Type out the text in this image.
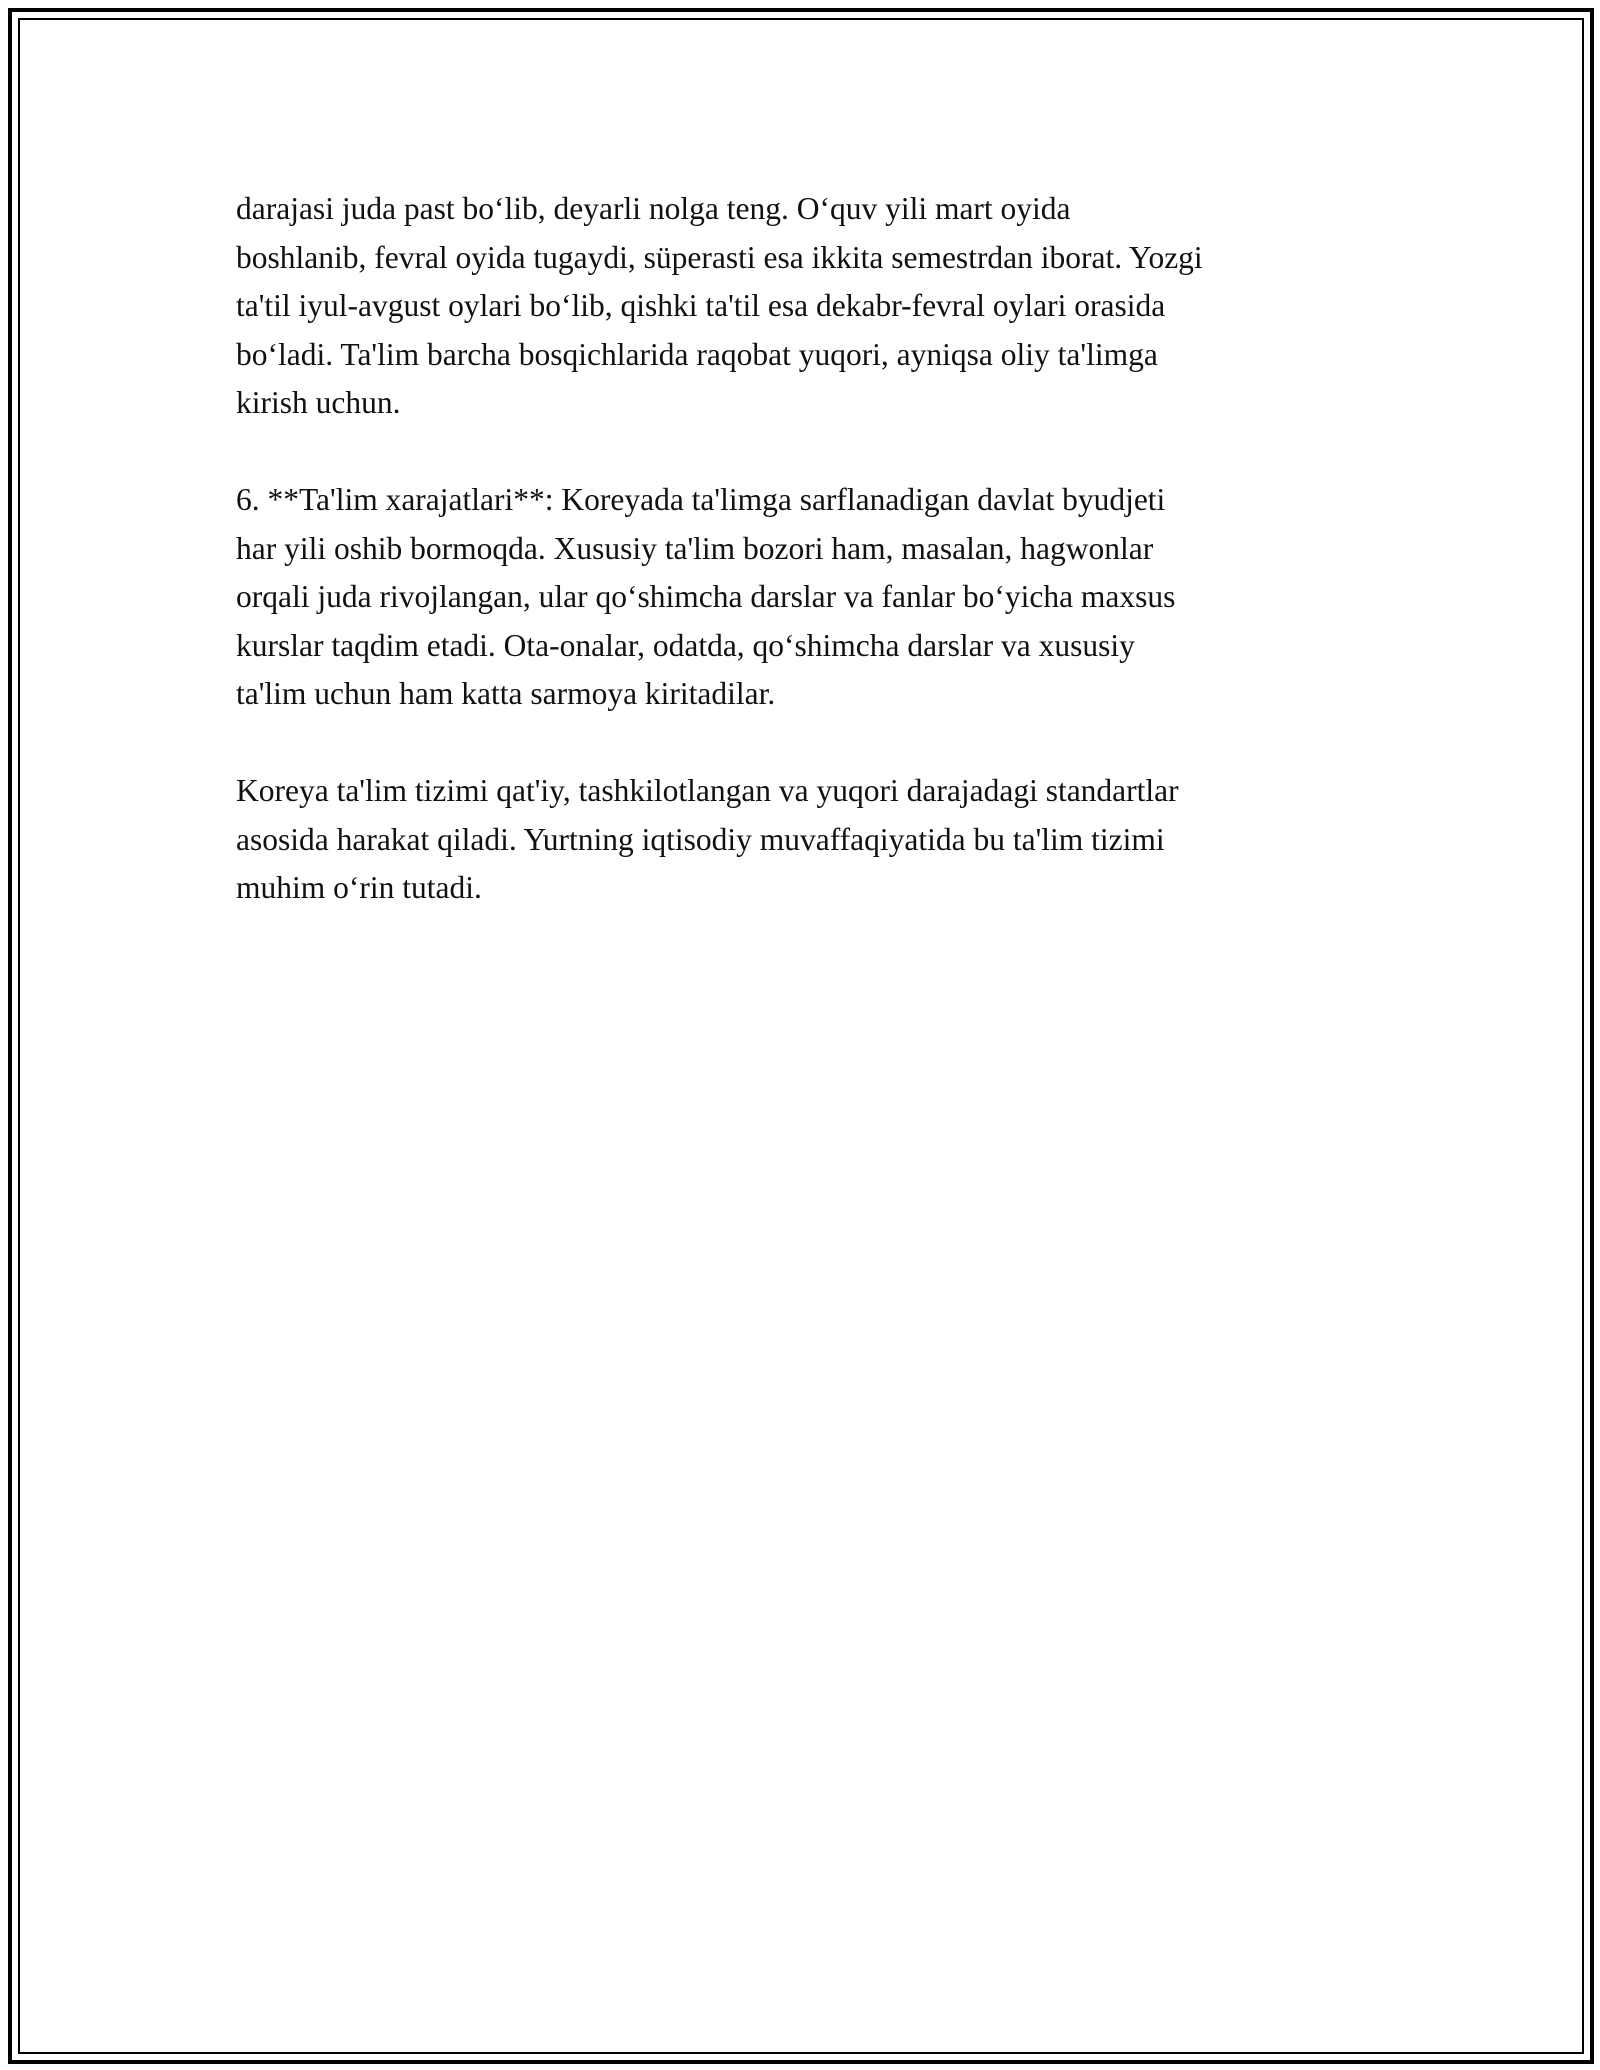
darajasi juda past bo‘lib, deyarli nolga teng. O‘quv yili mart oyida
boshlanib, fevral oyida tugaydi, süperasti esa ikkita semestrdan iborat. Yozgi
ta'til iyul-avgust oylari bo‘lib, qishki ta'til esa dekabr-fevral oylari orasida
bo‘ladi. Ta'lim barcha bosqichlarida raqobat yuqori, ayniqsa oliy ta'limga
kirish uchun.

6. **Ta'lim xarajatlari**: Koreyada ta'limga sarflanadigan davlat byudjeti
har yili oshib bormoqda. Xususiy ta'lim bozori ham, masalan, hagwonlar
orqali juda rivojlangan, ular qo‘shimcha darslar va fanlar bo‘yicha maxsus
kurslar taqdim etadi. Ota-onalar, odatda, qo‘shimcha darslar va xususiy
ta'lim uchun ham katta sarmoya kiritadilar.

Koreya ta'lim tizimi qat'iy, tashkilotlangan va yuqori darajadagi standartlar
asosida harakat qiladi. Yurtning iqtisodiy muvaffaqiyatida bu ta'lim tizimi
muhim o‘rin tutadi.
